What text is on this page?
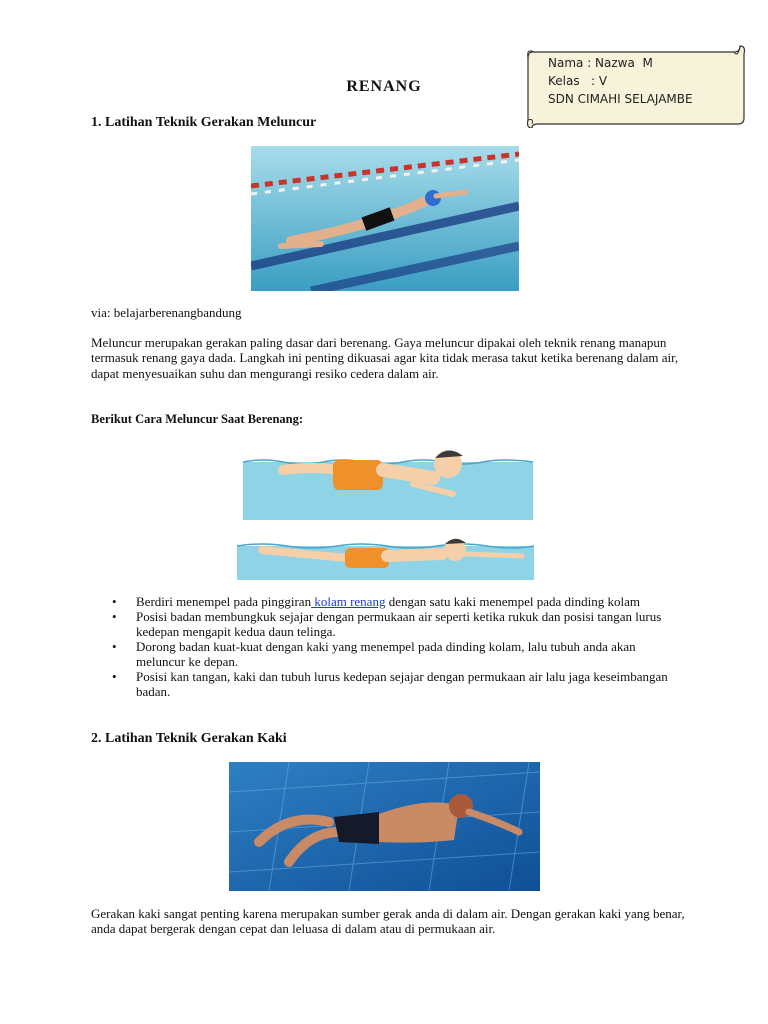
Nama : Nazwa  M
Kelas   : V
SDN CIMAHI SELAJAMBE
RENANG
1. Latihan Teknik Gerakan Meluncur
via: belajarberenangbandung
Meluncur merupakan gerakan paling dasar dari berenang. Gaya meluncur dipakai oleh teknik renang manapun termasuk renang gaya dada. Langkah ini penting dikuasai agar kita tidak merasa takut ketika berenang dalam air, dapat menyesuaikan suhu dan mengurangi resiko cedera dalam air.
Berikut Cara Meluncur Saat Berenang:
• Berdiri menempel pada pinggiran kolam renang dengan satu kaki menempel pada dinding kolam
• Posisi badan membungkuk sejajar dengan permukaan air seperti ketika rukuk dan posisi tangan lurus kedepan mengapit kedua daun telinga.
• Dorong badan kuat-kuat dengan kaki yang menempel pada dinding kolam, lalu tubuh anda akan meluncur ke depan.
• Posisi kan tangan, kaki dan tubuh lurus kedepan sejajar dengan permukaan air lalu jaga keseimbangan badan.
2. Latihan Teknik Gerakan Kaki
Gerakan kaki sangat penting karena merupakan sumber gerak anda di dalam air. Dengan gerakan kaki yang benar, anda dapat bergerak dengan cepat dan leluasa di dalam atau di permukaan air.
